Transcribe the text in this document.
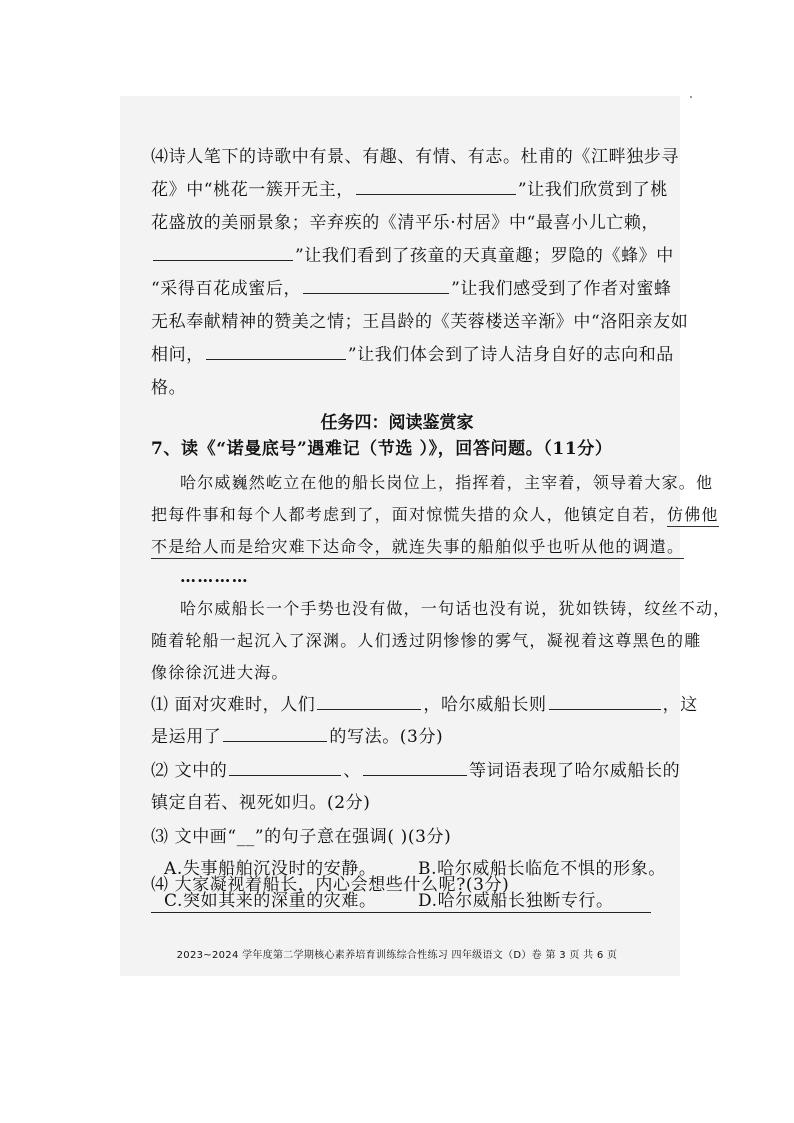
⑷诗人笔下的诗歌中有景、有趣、有情、有志。杜甫的《江畔独步寻
花》中“桃花一簇开无主，	”让我们欣赏到了桃
花盛放的美丽景象；辛弃疾的《清平乐·村居》中“最喜小儿亡赖，
”让我们看到了孩童的天真童趣；罗隐的《蜂》中
“采得百花成蜜后，	”让我们感受到了作者对蜜蜂
无私奉献精神的赞美之情；王昌龄的《芙蓉楼送辛渐》中“洛阳亲友如
相问，	”让我们体会到了诗人洁身自好的志向和品
格。
任务四：阅读鉴赏家
7、读《“诺曼底号”遇难记（节选 ）》，回答问题。（11分）
哈尔威巍然屹立在他的船长岗位上，指挥着，主宰着，领导着大家。他
把每件事和每个人都考虑到了，面对惊慌失措的众人，他镇定自若，仿佛他
不是给人而是给灾难下达命令，就连失事的船舶似乎也听从他的调遣。
…………
哈尔威船长一个手势也没有做，一句话也没有说，犹如铁铸，纹丝不动，
随着轮船一起沉入了深渊。人们透过阴惨惨的雾气，凝视着这尊黑色的雕
像徐徐沉进大海。
⑴ 面对灾难时，人们	，哈尔威船长则	，这
是运用了	的写法。(3分)
⑵ 文中的	、	等词语表现了哈尔威船长的
镇定自若、视死如归。(2分)
⑶ 文中画“__”的句子意在强调( )(3分)
A.失事船舶沉没时的安静。 B.哈尔威船长临危不惧的形象。
C.突如其来的深重的灾难。 D.哈尔威船长独断专行。
⑷ 大家凝视着船长，内心会想些什么呢?(3分)
2023~2024 学年度第二学期核心素养培育训练综合性练习 四年级语文（D）卷 第 3 页 共 6 页
